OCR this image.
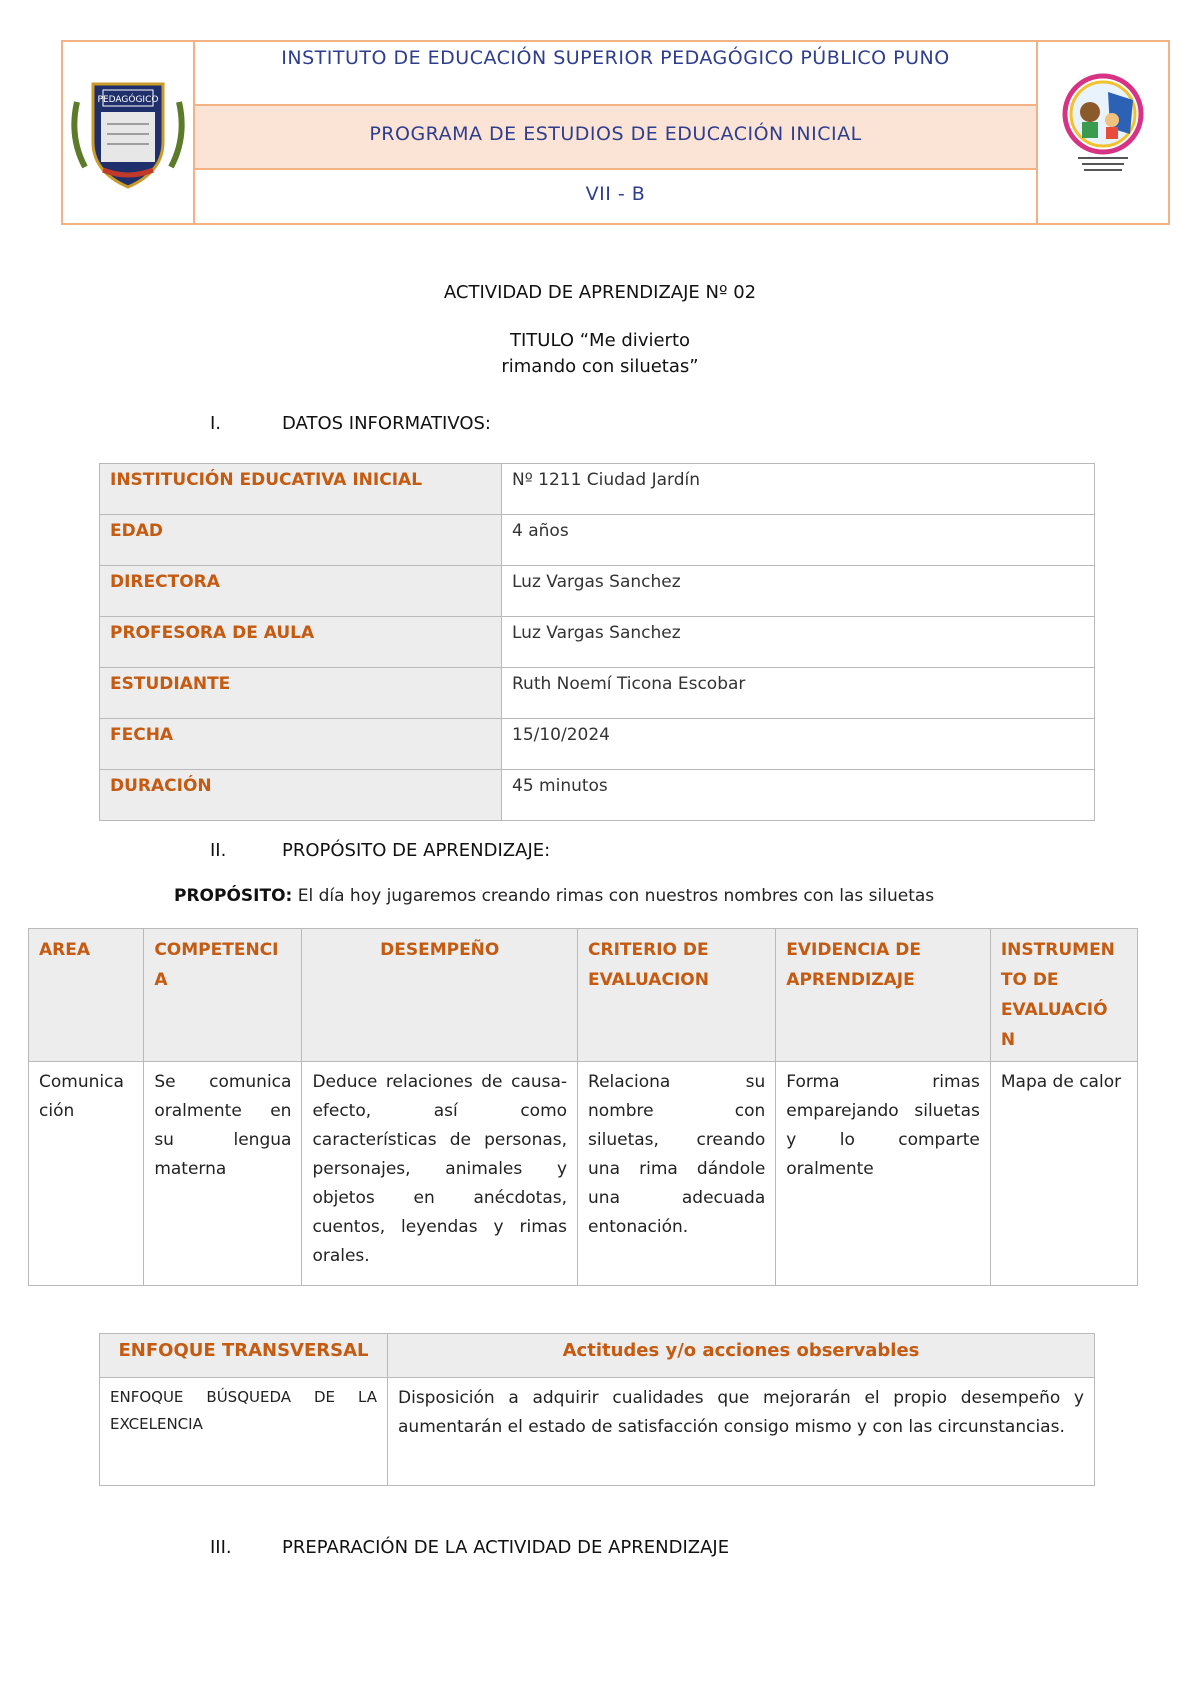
PEDAGÓGICO
INSTITUTO DE EDUCACIÓN SUPERIOR PEDAGÓGICO PÚBLICO PUNO
PROGRAMA DE ESTUDIOS DE EDUCACIÓN INICIAL
VII - B
ACTIVIDAD DE APRENDIZAJE Nº 02
TITULO “Me divierto
rimando con siluetas”
I.	DATOS INFORMATIVOS:
INSTITUCIÓN EDUCATIVA INICIAL	Nº 1211 Ciudad Jardín
EDAD	4 años
DIRECTORA	Luz Vargas Sanchez
PROFESORA DE AULA	Luz Vargas Sanchez
ESTUDIANTE	Ruth Noemí Ticona Escobar
FECHA	15/10/2024
DURACIÓN	45 minutos
II.	PROPÓSITO DE APRENDIZAJE:
PROPÓSITO: El día hoy jugaremos creando rimas con nuestros nombres con las siluetas
AREA	COMPETENCI A	DESEMPEÑO	CRITERIO DE EVALUACION	EVIDENCIA DE APRENDIZAJE	INSTRUMEN TO DE EVALUACIÓ N
Comunica ción	Se comunica oralmente en su lengua materna	Deduce relaciones de causa-efecto, así como características de personas, personajes, animales y objetos en anécdotas, cuentos, leyendas y rimas orales.	Relaciona su nombre con siluetas, creando una rima dándole una adecuada entonación.	Forma rimas emparejando siluetas y lo comparte oralmente	Mapa de calor
ENFOQUE TRANSVERSAL	Actitudes y/o acciones observables
ENFOQUE BÚSQUEDA DE LA EXCELENCIA	Disposición a adquirir cualidades que mejorarán el propio desempeño y aumentarán el estado de satisfacción consigo mismo y con las circunstancias.
III.	PREPARACIÓN DE LA ACTIVIDAD DE APRENDIZAJE
